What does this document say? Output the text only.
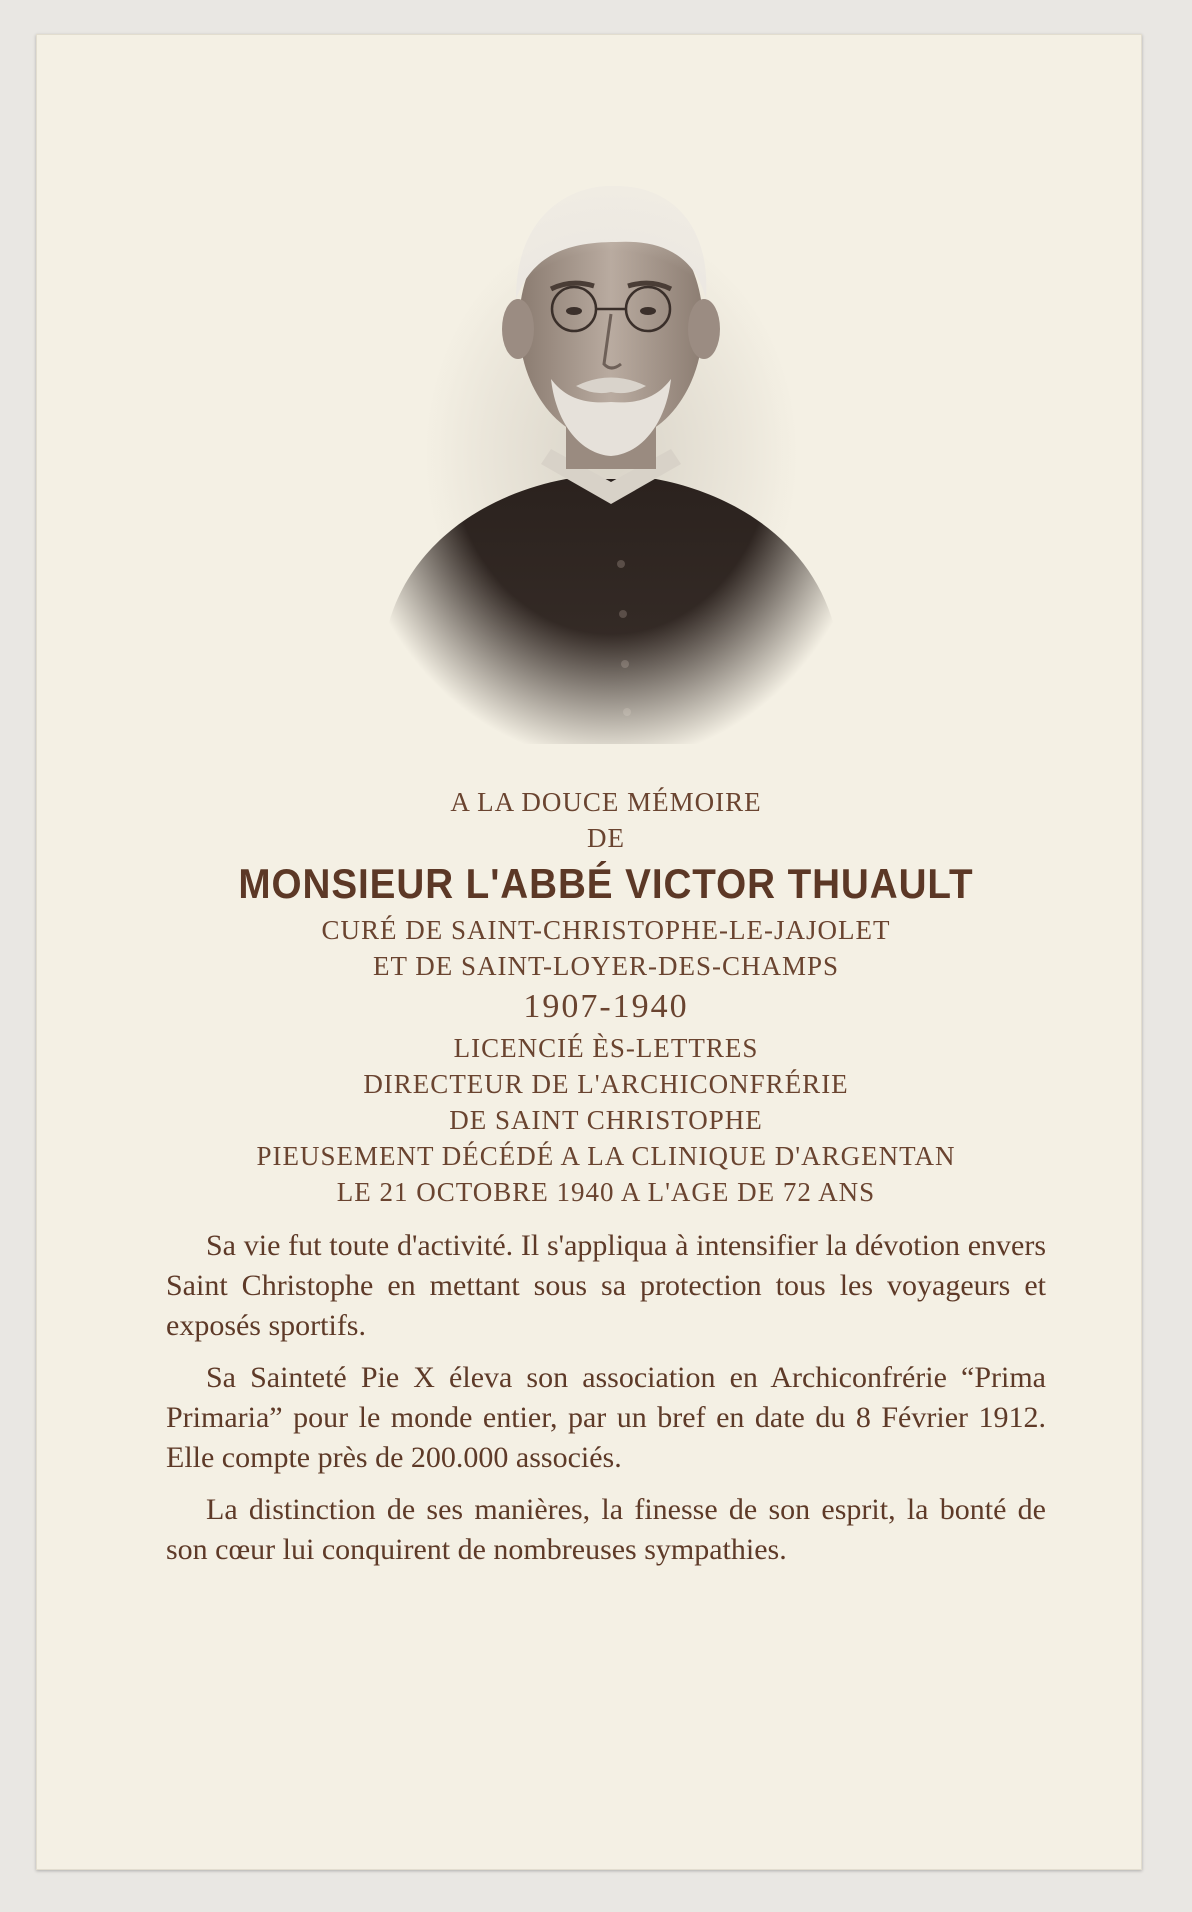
A LA DOUCE MÉMOIRE

DE

MONSIEUR L'ABBÉ VICTOR THUAULT

CURÉ DE SAINT-CHRISTOPHE-LE-JAJOLET

ET DE SAINT-LOYER-DES-CHAMPS

1907-1940

LICENCIÉ ÈS-LETTRES

DIRECTEUR DE L'ARCHICONFRÉRIE

DE SAINT CHRISTOPHE

PIEUSEMENT DÉCÉDÉ A LA CLINIQUE D'ARGENTAN

LE 21 OCTOBRE 1940 A L'AGE DE 72 ANS

Sa vie fut toute d'activité. Il s'appliqua à intensifier la dévotion envers Saint Christophe en mettant sous sa protection tous les voyageurs et exposés sportifs.

Sa Sainteté Pie X éleva son association en Archiconfrérie “Prima Primaria” pour le monde entier, par un bref en date du 8 Février 1912. Elle compte près de 200.000 associés.

La distinction de ses manières, la finesse de son esprit, la bonté de son cœur lui conquirent de nombreuses sympathies.
